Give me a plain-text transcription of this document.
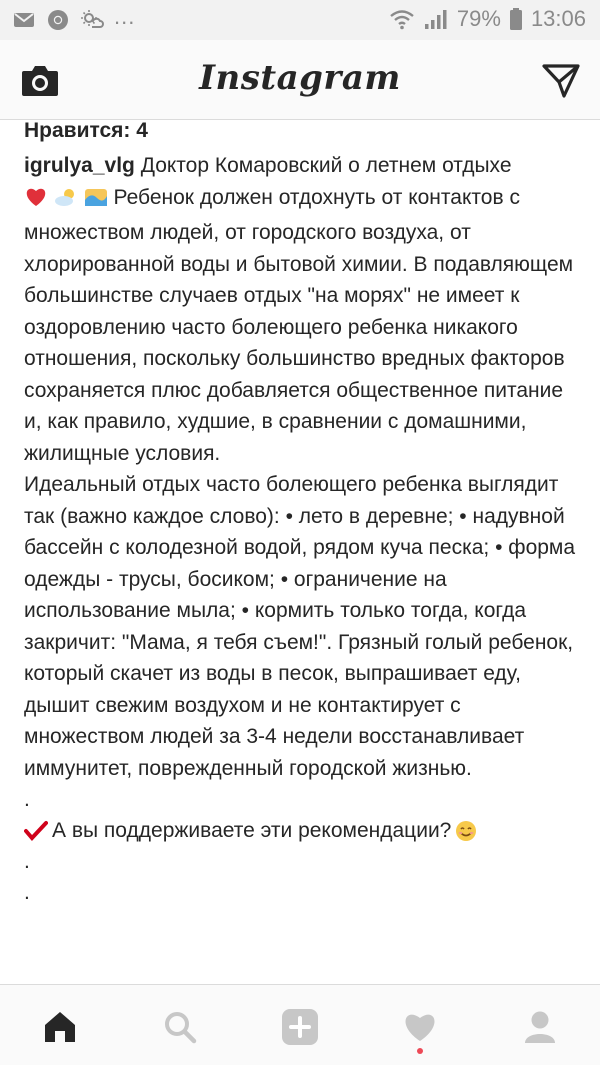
...	79% 13:06
Instagram
Нравится: 4
igrulya_vlg Доктор Комаровский о летнем отдыхе    Ребенок должен отдохнуть от контактов с множеством людей, от городского воздуха, от хлорированной воды и бытовой химии. В подавляющем большинстве случаев отдых "на морях" не имеет к оздоровлению часто болеющего ребенка никакого отношения, поскольку большинство вредных факторов сохраняется плюс добавляется общественное питание и, как правило, худшие, в сравнении с домашними, жилищные условия.
Идеальный отдых часто болеющего ребенка выглядит так (важно каждое слово): • лето в деревне; • надувной бассейн с колодезной водой, рядом куча песка; • форма одежды - трусы, босиком; • ограничение на использование мыла; • кормить только тогда, когда закричит: "Мама, я тебя съем!". Грязный голый ребенок, который скачет из воды в песок, выпрашивает еду, дышит свежим воздухом и не контактирует с множеством людей за 3-4 недели восстанавливает иммунитет, поврежденный городской жизнью.
.
А вы поддерживаете эти рекомендации?
.
.
